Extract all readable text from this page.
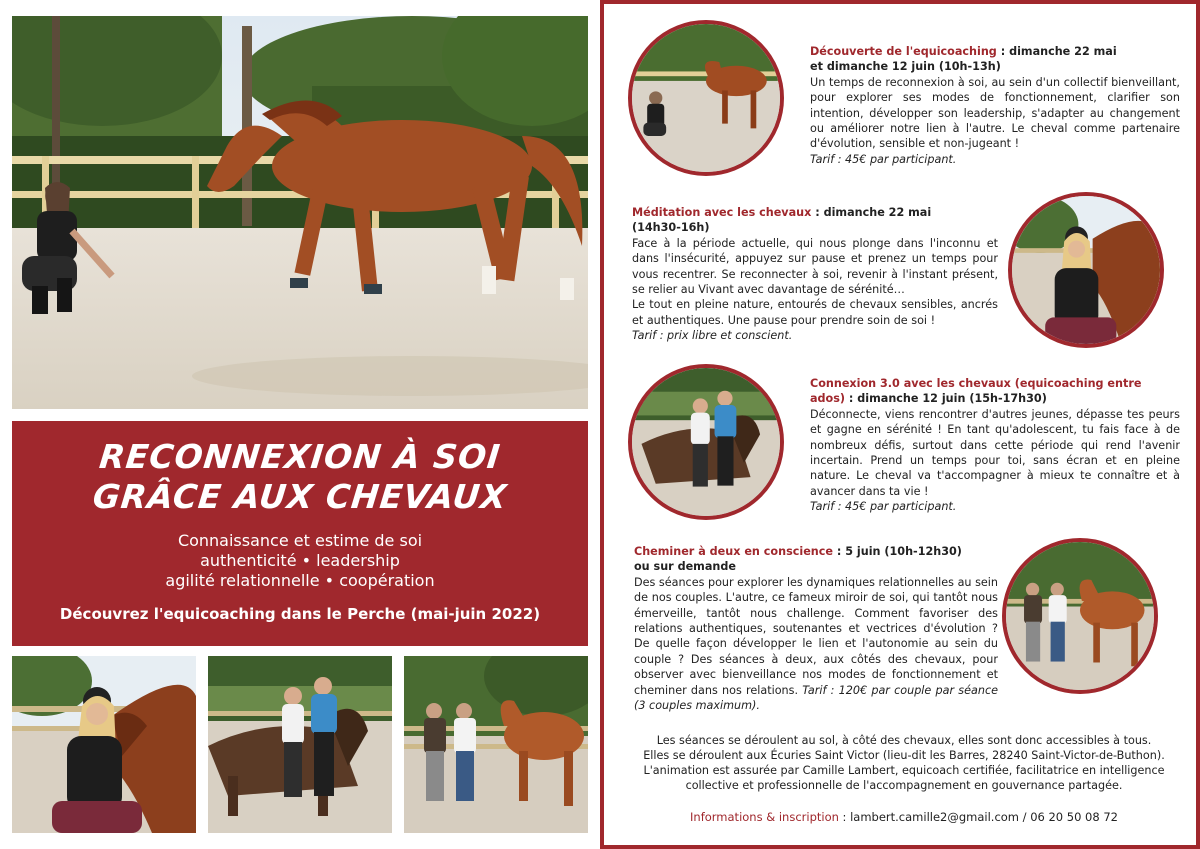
RECONNEXION À SOI
GRÂCE AUX CHEVAUX
Connaissance et estime de soi
authenticité • leadership
agilité relationnelle • coopération
Découvrez l'equicoaching dans le Perche (mai-juin 2022)
Découverte de l'equicoaching : dimanche 22 mai
et dimanche 12 juin (10h-13h)
Un temps de reconnexion à soi, au sein d'un collectif bienveillant, pour explorer ses modes de fonctionnement, clarifier son intention, développer son leadership, s'adapter au changement ou améliorer notre lien à l'autre. Le cheval comme partenaire d'évolution, sensible et non-jugeant !
Tarif : 45€ par participant.
Méditation avec les chevaux : dimanche 22 mai
(14h30-16h)
Face à la période actuelle, qui nous plonge dans l'inconnu et dans l'insécurité, appuyez sur pause et prenez un temps pour vous recentrer. Se reconnecter à soi, revenir à l'instant présent, se relier au Vivant avec davantage de sérénité…
Le tout en pleine nature, entourés de chevaux sensibles, ancrés et authentiques. Une pause pour prendre soin de soi !
Tarif : prix libre et conscient.
Connexion 3.0 avec les chevaux (equicoaching entre ados) : dimanche 12 juin (15h-17h30)
Déconnecte, viens rencontrer d'autres jeunes, dépasse tes peurs et gagne en sérénité ! En tant qu'adolescent, tu fais face à de nombreux défis, surtout dans cette période qui rend l'avenir incertain. Prend un temps pour toi, sans écran et en pleine nature. Le cheval va t'accompagner à mieux te connaître et à avancer dans ta vie !
Tarif : 45€ par participant.
Cheminer à deux en conscience : 5 juin (10h-12h30)
ou sur demande
Des séances pour explorer les dynamiques relationnelles au sein de nos couples. L'autre, ce fameux miroir de soi, qui tantôt nous émerveille, tantôt nous challenge. Comment favoriser des relations authentiques, soutenantes et vectrices d'évolution ? De quelle façon développer le lien et l'autonomie au sein du couple ? Des séances à deux, aux côtés des chevaux, pour observer avec bienveillance nos modes de fonctionnement et cheminer dans nos relations. Tarif : 120€ par couple par séance (3 couples maximum).
Les séances se déroulent au sol, à côté des chevaux, elles sont donc accessibles à tous.
Elles se déroulent aux Écuries Saint Victor (lieu-dit les Barres, 28240 Saint-Victor-de-Buthon).
L'animation est assurée par Camille Lambert, equicoach certifiée, facilitatrice en intelligence
collective et professionnelle de l'accompagnement en gouvernance partagée.
Informations & inscription : lambert.camille2@gmail.com / 06 20 50 08 72
